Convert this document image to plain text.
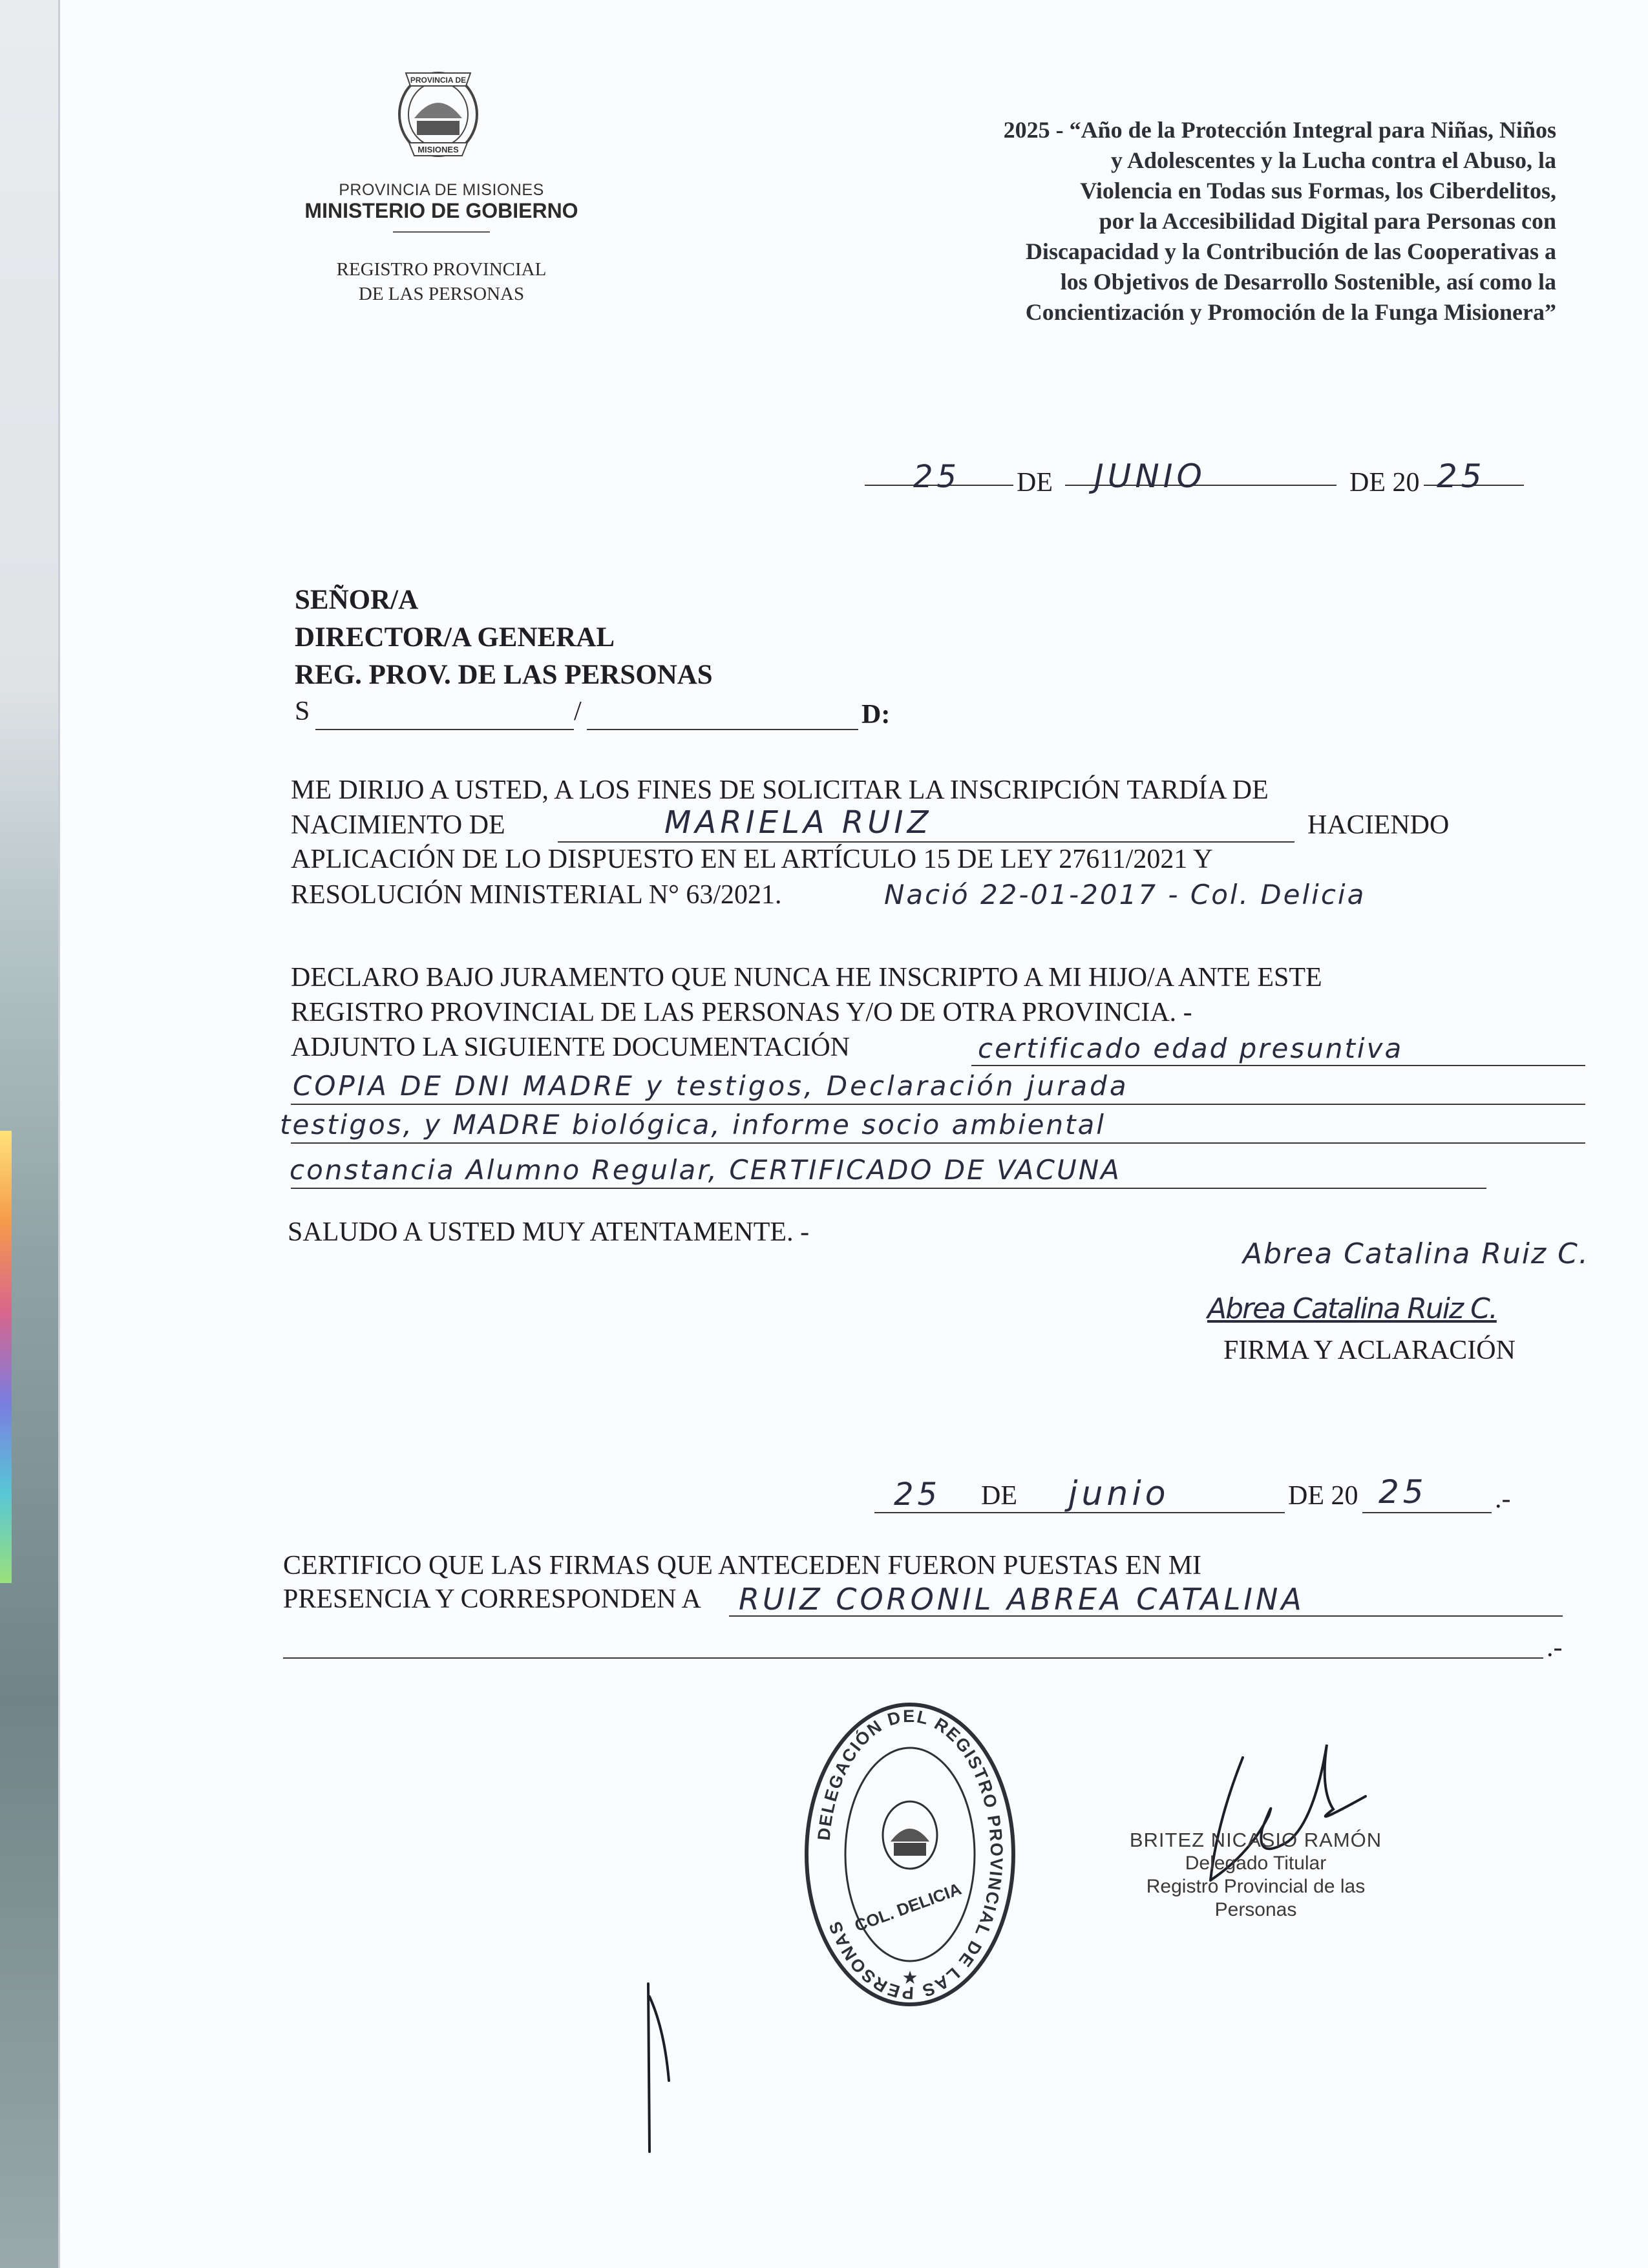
PROVINCIA DE
MISIONES
PROVINCIA DE MISIONES
MINISTERIO DE GOBIERNO
REGISTRO PROVINCIAL
DE LAS PERSONAS
2025 - “Año de la Protección Integral para Niñas, Niños
y Adolescentes y la Lucha contra el Abuso, la
Violencia en Todas sus Formas, los Ciberdelitos,
por la Accesibilidad Digital para Personas con
Discapacidad y la Contribución de las Cooperativas a
los Objetivos de Desarrollo Sostenible, así como la
Concientización y Promoción de la Funga Misionera”
25 DE JUNIO	DE 20 25
SEÑOR/A
DIRECTOR/A GENERAL
REG. PROV. DE LAS PERSONAS
S	/	D:
ME DIRIJO A USTED, A LOS FINES DE SOLICITAR LA INSCRIPCIÓN TARDÍA DE
NACIMIENTO DE	MARIELA RUIZ	HACIENDO
APLICACIÓN DE LO DISPUESTO EN EL ARTÍCULO 15 DE LEY 27611/2021 Y
RESOLUCIÓN MINISTERIAL N° 63/2021.	Nació 22-01-2017 - Col. Delicia
DECLARO BAJO JURAMENTO QUE NUNCA HE INSCRIPTO A MI HIJO/A ANTE ESTE
REGISTRO PROVINCIAL DE LAS PERSONAS Y/O DE OTRA PROVINCIA. -
ADJUNTO LA SIGUIENTE DOCUMENTACIÓN	certificado edad presuntiva
COPIA DE DNI MADRE y testigos, Declaración jurada
testigos, y MADRE biológica, informe socio ambiental
constancia Alumno Regular, CERTIFICADO DE VACUNA
SALUDO A USTED MUY ATENTAMENTE. -
Abrea Catalina Ruiz C.
Abrea Catalina Ruiz C.
FIRMA Y ACLARACIÓN
25 DE junio	DE 20 25 .-
CERTIFICO QUE LAS FIRMAS QUE ANTECEDEN FUERON PUESTAS EN MI
PRESENCIA Y CORRESPONDEN A RUIZ CORONIL ABREA CATALINA
.-
DELEGACIÓN DEL REGISTRO PROVINCIAL DE LAS PERSONAS COL. DELICIA
★
BRITEZ NICASIO RAMÓN
Delegado Titular
Registro Provincial de las
Personas
